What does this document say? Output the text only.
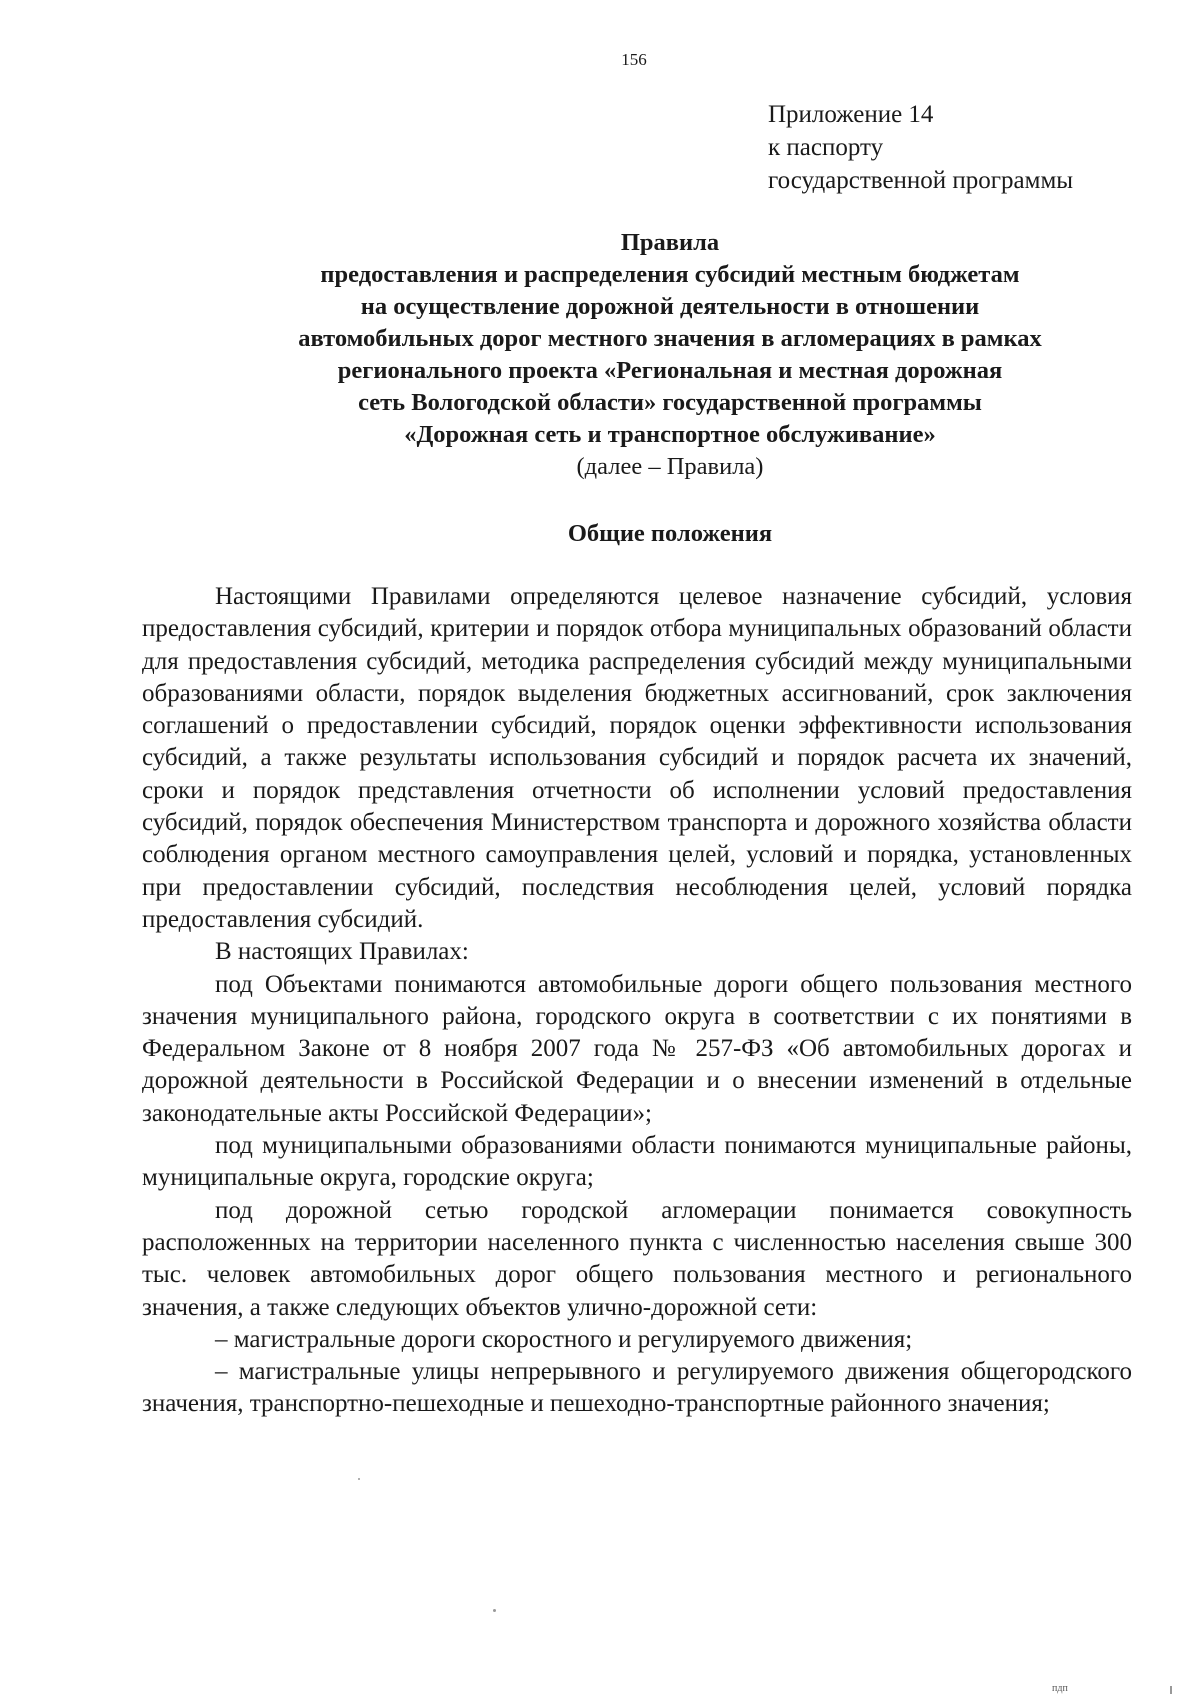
156
Приложение 14
к паспорту
государственной программы
Правила
предоставления и распределения субсидий местным бюджетам
на осуществление дорожной деятельности в отношении
автомобильных дорог местного значения в агломерациях в рамках
регионального проекта «Региональная и местная дорожная
сеть Вологодской области» государственной программы
«Дорожная сеть и транспортное обслуживание»
(далее – Правила)
Общие положения

Настоящими Правилами определяются целевое назначение субсидий, условия предоставления субсидий, критерии и порядок отбора муниципальных образований области для предоставления субсидий, методика распределения субсидий между муниципальными образованиями области, порядок выделения бюджетных ассигнований, срок заключения соглашений о предоставлении субсидий, порядок оценки эффективности использования субсидий, а также результаты использования субсидий и порядок расчета их значений, сроки и порядок представления отчетности об исполнении условий предоставления субсидий, порядок обеспечения Министерством транспорта и дорожного хозяйства области соблюдения органом местного самоуправления целей, условий и порядка, установленных при предоставлении субсидий, последствия несоблюдения целей, условий порядка предоставления субсидий.

В настоящих Правилах:

под Объектами понимаются автомобильные дороги общего пользования местного значения муниципального района, городского округа в соответствии с их понятиями в Федеральном Законе от 8 ноября 2007 года № 257-ФЗ «Об автомобильных дорогах и дорожной деятельности в Российской Федерации и о внесении изменений в отдельные законодательные акты Российской Федерации»;

под муниципальными образованиями области понимаются муниципальные районы, муниципальные округа, городские округа;

под дорожной сетью городской агломерации понимается совокупность расположенных на территории населенного пункта с численностью населения свыше 300 тыс. человек автомобильных дорог общего пользования местного и регионального значения, а также следующих объектов улично-дорожной сети:

– магистральные дороги скоростного и регулируемого движения;

– магистральные улицы непрерывного и регулируемого движения общегородского значения, транспортно-пешеходные и пешеходно-транспортные районного значения;

пдп
